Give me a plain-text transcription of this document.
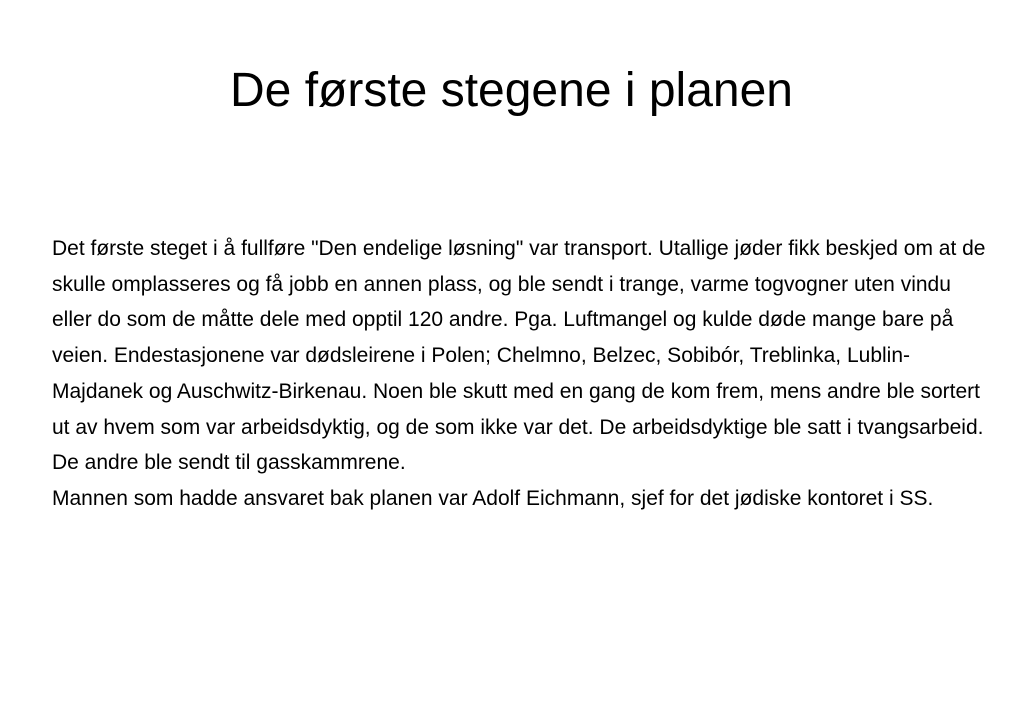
De første stegene i planen

Det første steget i å fullføre "Den endelige løsning" var transport. Utallige jøder fikk beskjed om at de skulle omplasseres og få jobb en annen plass, og ble sendt i trange, varme togvogner uten vindu eller do som de måtte dele med opptil 120 andre. Pga. Luftmangel og kulde døde mange bare på veien. Endestasjonene var dødsleirene i Polen; Chelmno, Belzec, Sobibór, Treblinka, Lublin-Majdanek og Auschwitz-Birkenau. Noen ble skutt med en gang de kom frem, mens andre ble sortert ut av hvem som var arbeidsdyktig, og de som ikke var det. De arbeidsdyktige ble satt i tvangsarbeid. De andre ble sendt til gasskammrene.

Mannen som hadde ansvaret bak planen var Adolf Eichmann, sjef for det jødiske kontoret i SS.
